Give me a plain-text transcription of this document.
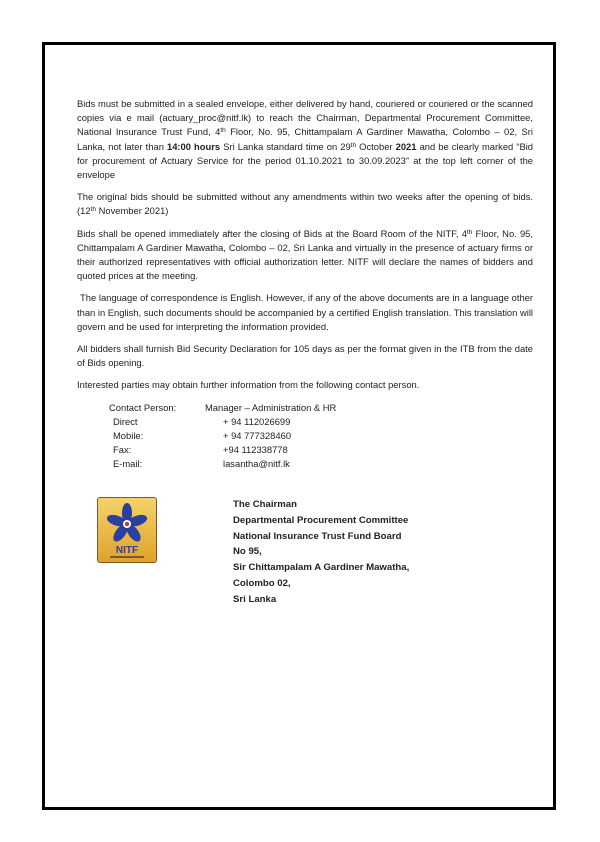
Bids must be submitted in a sealed envelope, either delivered by hand, couriered or couriered or the scanned copies via e mail (actuary_proc@nitf.lk) to reach the Chairman, Departmental Procurement Committee, National Insurance Trust Fund, 4th Floor, No. 95, Chittampalam A Gardiner Mawatha, Colombo – 02, Sri Lanka, not later than 14:00 hours Sri Lanka standard time on 29th October 2021 and be clearly marked “Bid for procurement of Actuary Service for the period 01.10.2021 to 30.09.2023” at the top left corner of the envelope

The original bids should be submitted without any amendments within two weeks after the opening of bids. (12th November 2021)

Bids shall be opened immediately after the closing of Bids at the Board Room of the NITF, 4th Floor, No. 95, Chittampalam A Gardiner Mawatha, Colombo – 02, Sri Lanka and virtually in the presence of actuary firms or their authorized representatives with official authorization letter. NITF will declare the names of bidders and quoted prices at the meeting.

The language of correspondence is English. However, if any of the above documents are in a language other than in English, such documents should be accompanied by a certified English translation. This translation will govern and be used for interpreting the information provided.

All bidders shall furnish Bid Security Declaration for 105 days as per the format given in the ITB from the date of Bids opening.

Interested parties may obtain further information from the following contact person.

Contact Person:	Manager – Administration & HR
Direct	+ 94 112026699
Mobile:	+ 94 777328460
Fax:	+94 112338778
E-mail:	lasantha@nitf.lk
NITF
The Chairman
Departmental Procurement Committee
National Insurance Trust Fund Board
No 95,
Sir Chittampalam A Gardiner Mawatha,
Colombo 02,
Sri Lanka
